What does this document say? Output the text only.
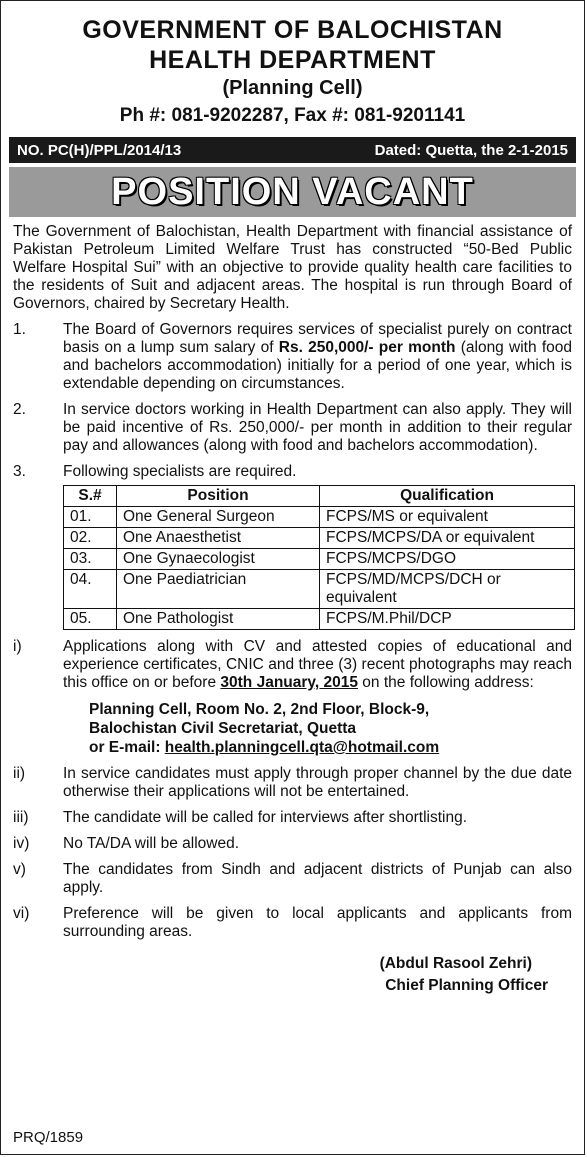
GOVERNMENT OF BALOCHISTAN
HEALTH DEPARTMENT
(Planning Cell)
Ph #: 081-9202287, Fax #: 081-9201141
NO. PC(H)/PPL/2014/13	Dated: Quetta, the 2-1-2015
POSITION VACANT
The Government of Balochistan, Health Department with financial assistance of Pakistan Petroleum Limited Welfare Trust has constructed “50-Bed Public Welfare Hospital Sui” with an objective to provide quality health care facilities to the residents of Suit and adjacent areas. The hospital is run through Board of Governors, chaired by Secretary Health.
1.	The Board of Governors requires services of specialist purely on contract basis on a lump sum salary of Rs. 250,000/- per month (along with food and bachelors accommodation) initially for a period of one year, which is extendable depending on circumstances.
2.	In service doctors working in Health Department can also apply. They will be paid incentive of Rs. 250,000/- per month in addition to their regular pay and allowances (along with food and bachelors accommodation).
3.	Following specialists are required.
S.#	Position	Qualification
01.	One General Surgeon	FCPS/MS or equivalent
02.	One Anaesthetist	FCPS/MCPS/DA or equivalent
03.	One Gynaecologist	FCPS/MCPS/DGO
04.	One Paediatrician	FCPS/MD/MCPS/DCH or equivalent
05.	One Pathologist	FCPS/M.Phil/DCP
i)	Applications along with CV and attested copies of educational and experience certificates, CNIC and three (3) recent photographs may reach this office on or before 30th January, 2015 on the following address:
Planning Cell, Room No. 2, 2nd Floor, Block-9,
Balochistan Civil Secretariat, Quetta
or E-mail: health.planningcell.qta@hotmail.com
ii)	In service candidates must apply through proper channel by the due date otherwise their applications will not be entertained.
iii)	The candidate will be called for interviews after shortlisting.
iv)	No TA/DA will be allowed.
v)	The candidates from Sindh and adjacent districts of Punjab can also apply.
vi)	Preference will be given to local applicants and applicants from surrounding areas.
(Abdul Rasool Zehri)
Chief Planning Officer
PRQ/1859
